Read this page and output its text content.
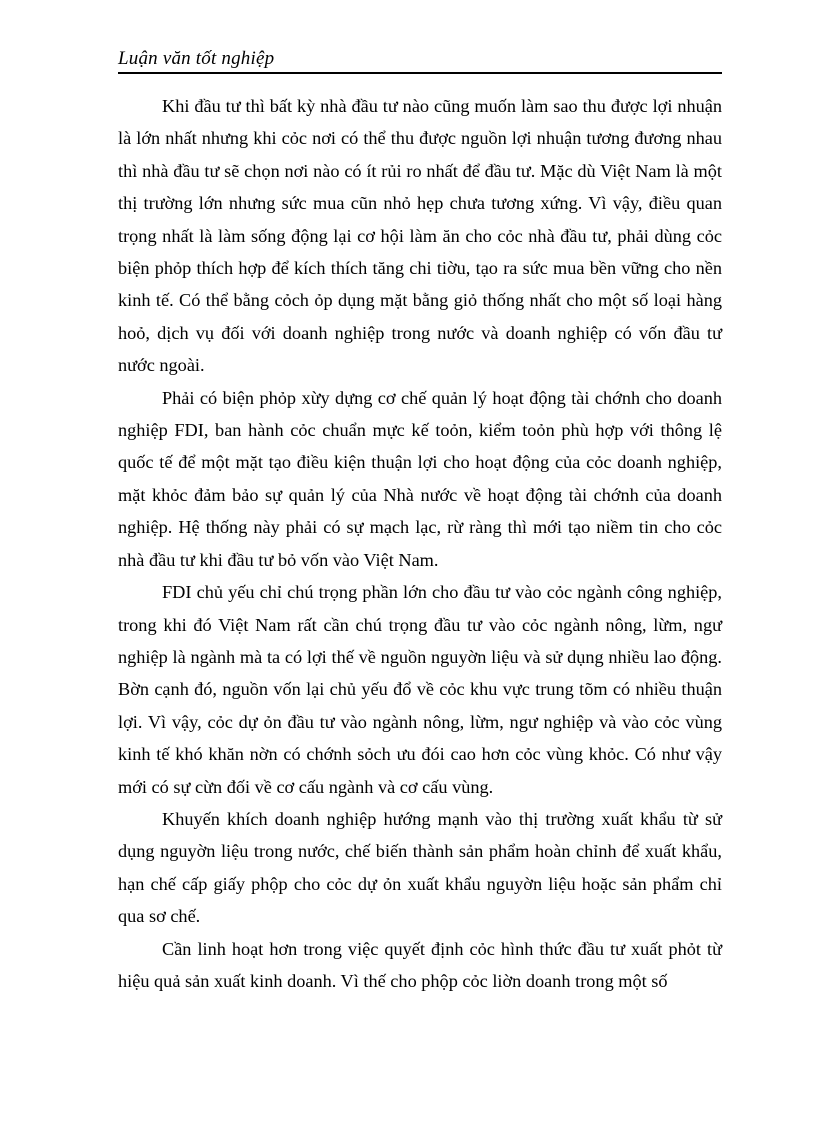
Luận văn tốt nghiệp

Khi đầu tư thì bất kỳ nhà đầu tư nào cũng muốn làm sao thu được lợi nhuận là lớn nhất nhưng khi cỏc nơi có thể thu được nguồn lợi nhuận tương đương nhau thì nhà đầu tư sẽ chọn nơi nào có ít rủi ro nhất để đầu tư. Mặc dù Việt Nam là một thị trường lớn nhưng sức mua cũn nhỏ hẹp chưa tương xứng. Vì vậy, điều quan trọng nhất là làm sống động lại cơ hội làm ăn cho cỏc nhà đầu tư, phải dùng cỏc biện phỏp thích hợp để kích thích tăng chi tiờu, tạo ra sức mua bền vững cho nền kinh tế. Có thể bằng cỏch ỏp dụng mặt bằng giỏ thống nhất cho một số loại hàng hoỏ, dịch vụ đối với doanh nghiệp trong nước và doanh nghiệp có vốn đầu tư nước ngoài.

Phải có biện phỏp xừy dựng cơ chế quản lý hoạt động tài chớnh cho doanh nghiệp FDI, ban hành cỏc chuẩn mực kế toỏn, kiểm toỏn phù hợp với thông lệ quốc tế để một mặt tạo điều kiện thuận lợi cho hoạt động của cỏc doanh nghiệp, mặt khỏc đảm bảo sự quản lý của Nhà nước về hoạt động tài chớnh của doanh nghiệp. Hệ thống này phải có sự mạch lạc, rừ ràng thì mới tạo niềm tin cho cỏc nhà đầu tư khi đầu tư bỏ vốn vào Việt Nam.

FDI chủ yếu chỉ chú trọng phần lớn cho đầu tư vào cỏc ngành công nghiệp, trong khi đó Việt Nam rất cần chú trọng đầu tư vào cỏc ngành nông, lừm, ngư nghiệp là ngành mà ta có lợi thế về nguồn nguyờn liệu và sử dụng nhiều lao động. Bờn cạnh đó, nguồn vốn lại chủ yếu đổ về cỏc khu vực trung tõm có nhiều thuận lợi. Vì vậy, cỏc dự ỏn đầu tư vào ngành nông, lừm, ngư nghiệp và vào cỏc vùng kinh tế khó khăn nờn có chớnh sỏch ưu đói cao hơn cỏc vùng khỏc. Có như vậy mới có sự cừn đối về cơ cấu ngành và cơ cấu vùng.

Khuyến khích doanh nghiệp hướng mạnh vào thị trường xuất khẩu từ sử dụng nguyờn liệu trong nước, chế biến thành sản phẩm hoàn chỉnh để xuất khẩu, hạn chế cấp giấy phộp cho cỏc dự ỏn xuất khẩu nguyờn liệu hoặc sản phẩm chỉ qua sơ chế.

Cần linh hoạt hơn trong việc quyết định cỏc hình thức đầu tư xuất phỏt từ hiệu quả sản xuất kinh doanh. Vì thế cho phộp cỏc liờn doanh trong một số
